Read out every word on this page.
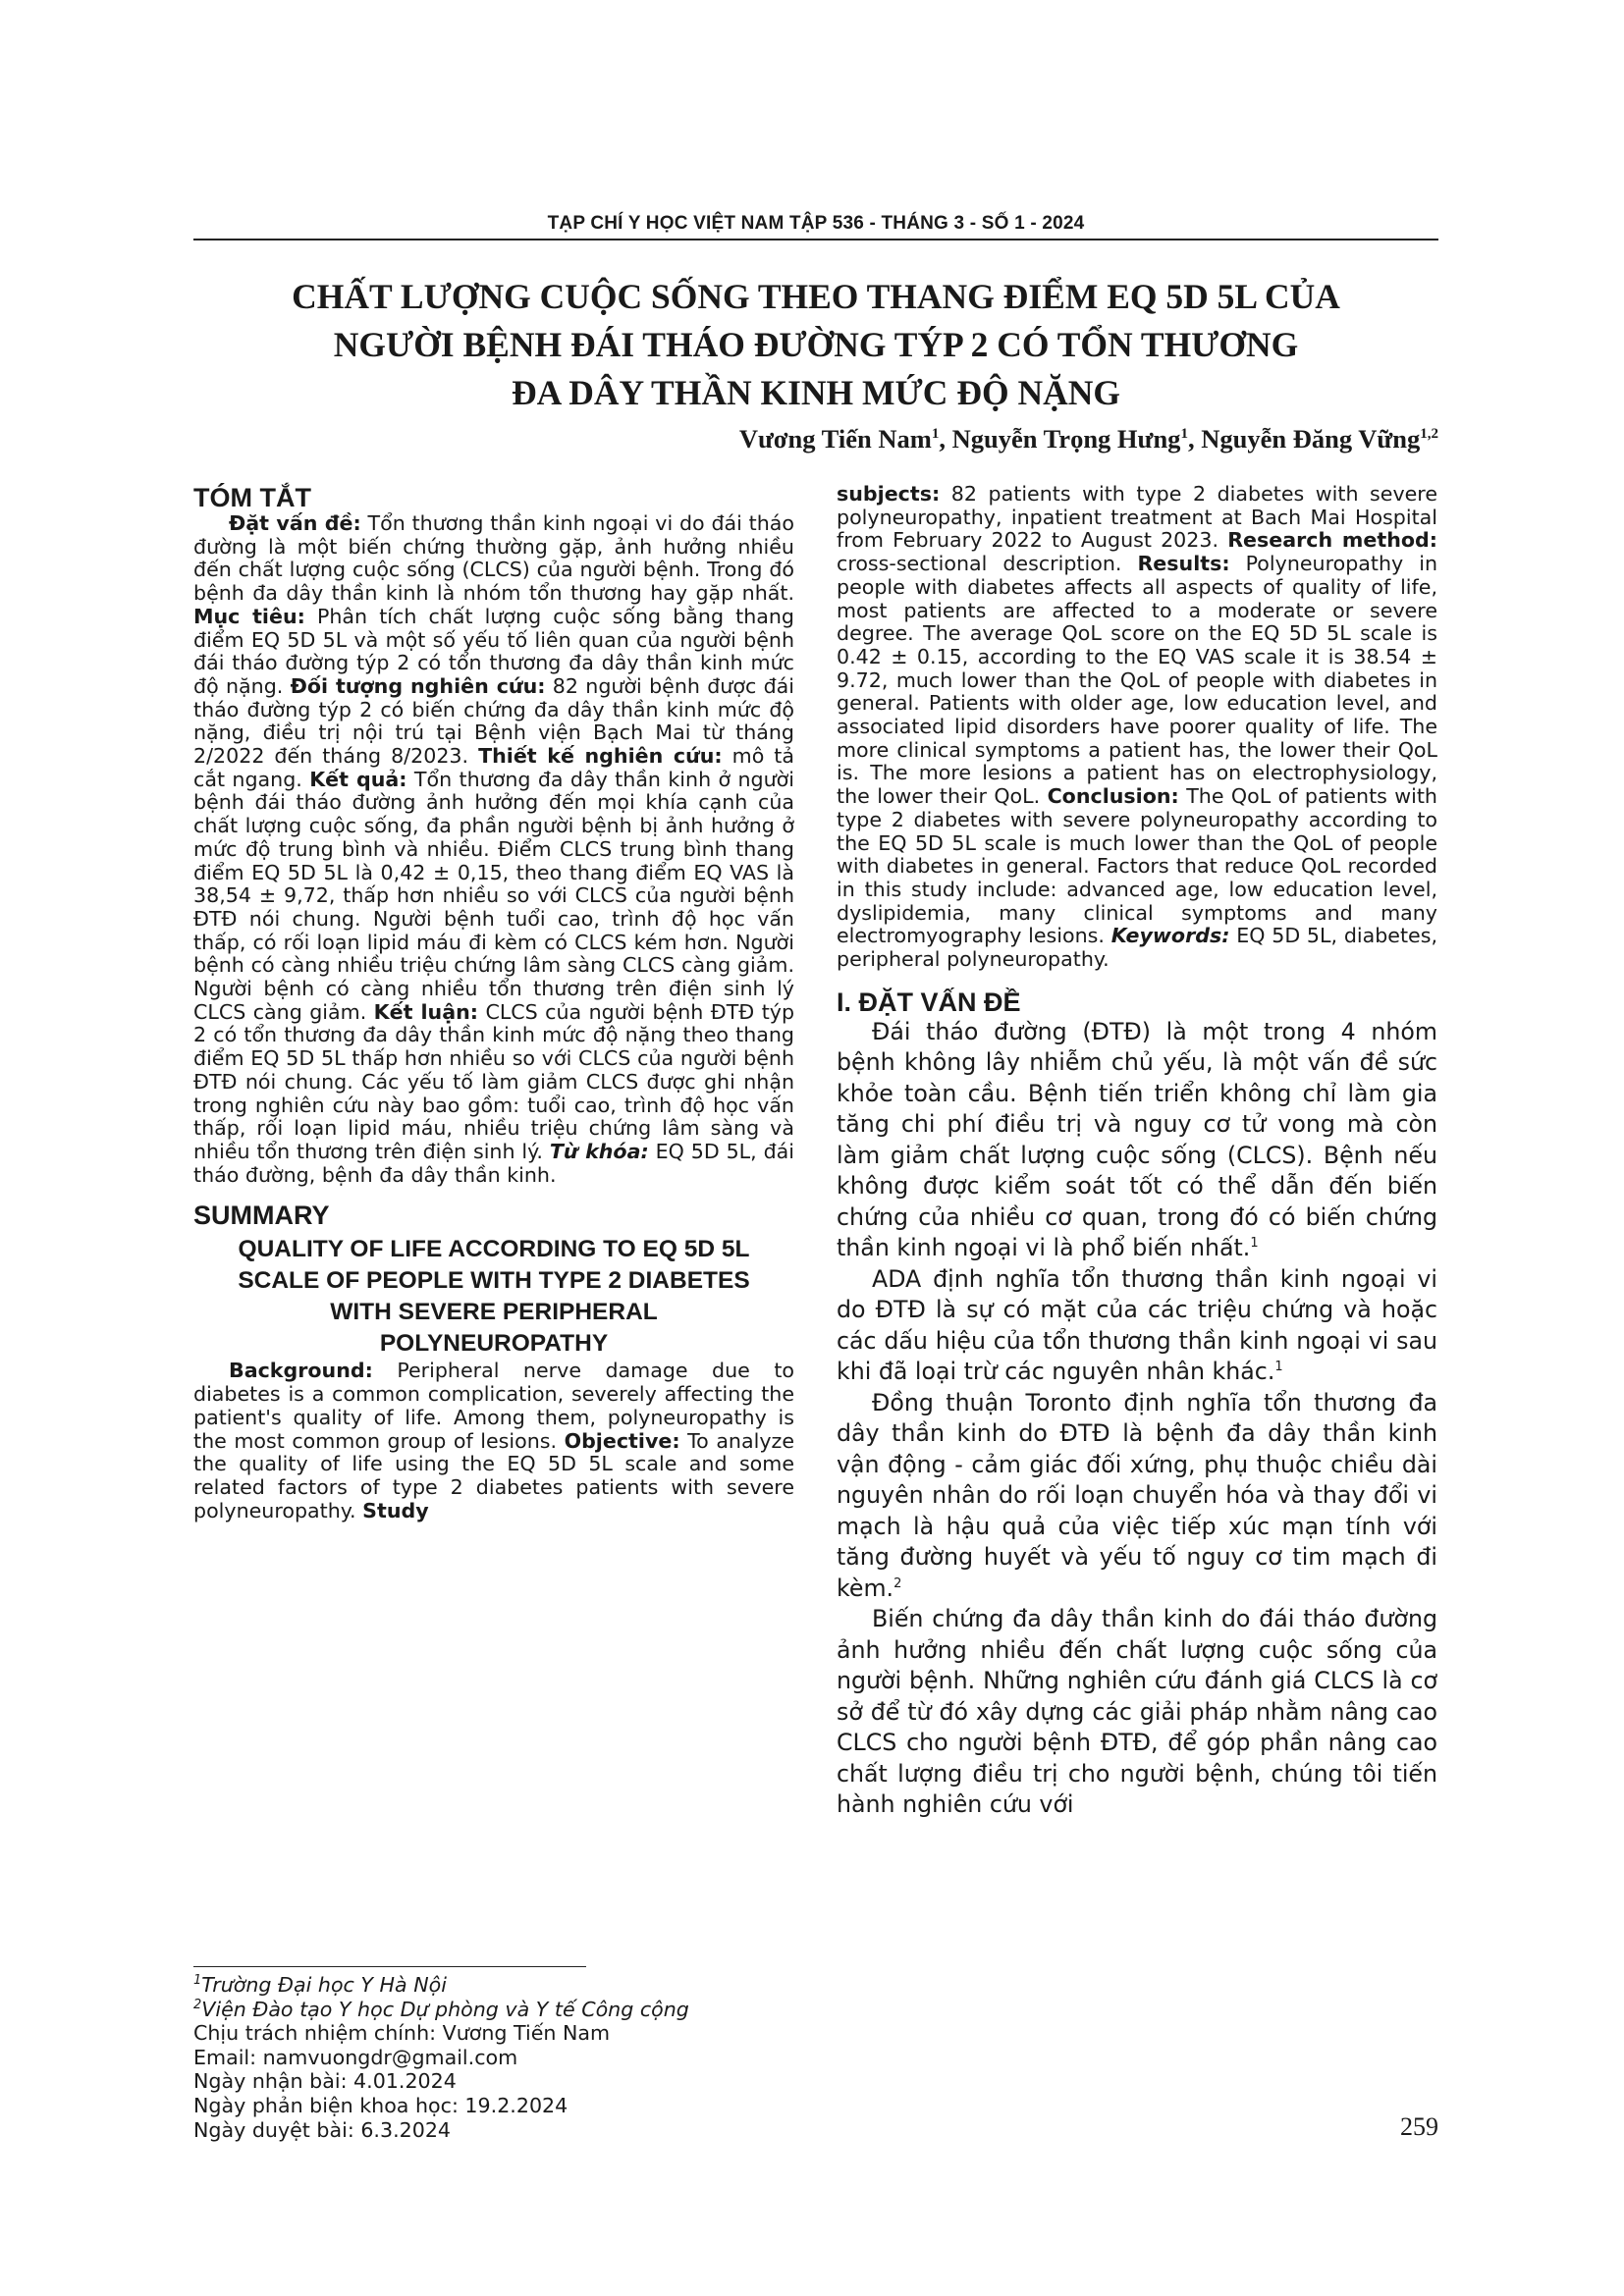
TẠP CHÍ Y HỌC VIỆT NAM TẬP 536 - THÁNG 3 - SỐ 1 - 2024
CHẤT LƯỢNG CUỘC SỐNG THEO THANG ĐIỂM EQ 5D 5L CỦA
NGƯỜI BỆNH ĐÁI THÁO ĐƯỜNG TÝP 2 CÓ TỔN THƯƠNG
ĐA DÂY THẦN KINH MỨC ĐỘ NẶNG
Vương Tiến Nam$^1$, Nguyễn Trọng Hưng$^1$, Nguyễn Đăng Vững$^{1,2}$
TÓM TẮT

Đặt vấn đề: Tổn thương thần kinh ngoại vi do đái tháo đường là một biến chứng thường gặp, ảnh hưởng nhiều đến chất lượng cuộc sống (CLCS) của người bệnh. Trong đó bệnh đa dây thần kinh là nhóm tổn thương hay gặp nhất. Mục tiêu: Phân tích chất lượng cuộc sống bằng thang điểm EQ 5D 5L và một số yếu tố liên quan của người bệnh đái tháo đường týp 2 có tổn thương đa dây thần kinh mức độ nặng. Đối tượng nghiên cứu: 82 người bệnh được đái tháo đường týp 2 có biến chứng đa dây thần kinh mức độ nặng, điều trị nội trú tại Bệnh viện Bạch Mai từ tháng 2/2022 đến tháng 8/2023. Thiết kế nghiên cứu: mô tả cắt ngang. Kết quả: Tổn thương đa dây thần kinh ở người bệnh đái tháo đường ảnh hưởng đến mọi khía cạnh của chất lượng cuộc sống, đa phần người bệnh bị ảnh hưởng ở mức độ trung bình và nhiều. Điểm CLCS trung bình thang điểm EQ 5D 5L là 0,42 ± 0,15, theo thang điểm EQ VAS là 38,54 ± 9,72, thấp hơn nhiều so với CLCS của người bệnh ĐTĐ nói chung. Người bệnh tuổi cao, trình độ học vấn thấp, có rối loạn lipid máu đi kèm có CLCS kém hơn. Người bệnh có càng nhiều triệu chứng lâm sàng CLCS càng giảm. Người bệnh có càng nhiều tổn thương trên điện sinh lý CLCS càng giảm. Kết luận: CLCS của người bệnh ĐTĐ týp 2 có tổn thương đa dây thần kinh mức độ nặng theo thang điểm EQ 5D 5L thấp hơn nhiều so với CLCS của người bệnh ĐTĐ nói chung. Các yếu tố làm giảm CLCS được ghi nhận trong nghiên cứu này bao gồm: tuổi cao, trình độ học vấn thấp, rối loạn lipid máu, nhiều triệu chứng lâm sàng và nhiều tổn thương trên điện sinh lý. Từ khóa: EQ 5D 5L, đái tháo đường, bệnh đa dây thần kinh.

SUMMARY
QUALITY OF LIFE ACCORDING TO EQ 5D 5L
SCALE OF PEOPLE WITH TYPE 2 DIABETES
WITH SEVERE PERIPHERAL
POLYNEUROPATHY

Background: Peripheral nerve damage due to diabetes is a common complication, severely affecting the patient's quality of life. Among them, polyneuropathy is the most common group of lesions. Objective: To analyze the quality of life using the EQ 5D 5L scale and some related factors of type 2 diabetes patients with severe polyneuropathy. Study

$^1$Trường Đại học Y Hà Nội
$^2$Viện Đào tạo Y học Dự phòng và Y tế Công cộng
Chịu trách nhiệm chính: Vương Tiến Nam
Email: namvuongdr@gmail.com
Ngày nhận bài: 4.01.2024
Ngày phản biện khoa học: 19.2.2024
Ngày duyệt bài: 6.3.2024

subjects: 82 patients with type 2 diabetes with severe polyneuropathy, inpatient treatment at Bach Mai Hospital from February 2022 to August 2023. Research method: cross-sectional description. Results: Polyneuropathy in people with diabetes affects all aspects of quality of life, most patients are affected to a moderate or severe degree. The average QoL score on the EQ 5D 5L scale is 0.42 ± 0.15, according to the EQ VAS scale it is 38.54 ± 9.72, much lower than the QoL of people with diabetes in general. Patients with older age, low education level, and associated lipid disorders have poorer quality of life. The more clinical symptoms a patient has, the lower their QoL is. The more lesions a patient has on electrophysiology, the lower their QoL. Conclusion: The QoL of patients with type 2 diabetes with severe polyneuropathy according to the EQ 5D 5L scale is much lower than the QoL of people with diabetes in general. Factors that reduce QoL recorded in this study include: advanced age, low education level, dyslipidemia, many clinical symptoms and many electromyography lesions. Keywords: EQ 5D 5L, diabetes, peripheral polyneuropathy.

I. ĐẶT VẤN ĐỀ

Đái tháo đường (ĐTĐ) là một trong 4 nhóm bệnh không lây nhiễm chủ yếu, là một vấn đề sức khỏe toàn cầu. Bệnh tiến triển không chỉ làm gia tăng chi phí điều trị và nguy cơ tử vong mà còn làm giảm chất lượng cuộc sống (CLCS). Bệnh nếu không được kiểm soát tốt có thể dẫn đến biến chứng của nhiều cơ quan, trong đó có biến chứng thần kinh ngoại vi là phổ biến nhất.$^1$

ADA định nghĩa tổn thương thần kinh ngoại vi do ĐTĐ là sự có mặt của các triệu chứng và hoặc các dấu hiệu của tổn thương thần kinh ngoại vi sau khi đã loại trừ các nguyên nhân khác.$^1$

Đồng thuận Toronto định nghĩa tổn thương đa dây thần kinh do ĐTĐ là bệnh đa dây thần kinh vận động - cảm giác đối xứng, phụ thuộc chiều dài nguyên nhân do rối loạn chuyển hóa và thay đổi vi mạch là hậu quả của việc tiếp xúc mạn tính với tăng đường huyết và yếu tố nguy cơ tim mạch đi kèm.$^2$

Biến chứng đa dây thần kinh do đái tháo đường ảnh hưởng nhiều đến chất lượng cuộc sống của người bệnh. Những nghiên cứu đánh giá CLCS là cơ sở để từ đó xây dựng các giải pháp nhằm nâng cao CLCS cho người bệnh ĐTĐ, để góp phần nâng cao chất lượng điều trị cho người bệnh, chúng tôi tiến hành nghiên cứu với

259
